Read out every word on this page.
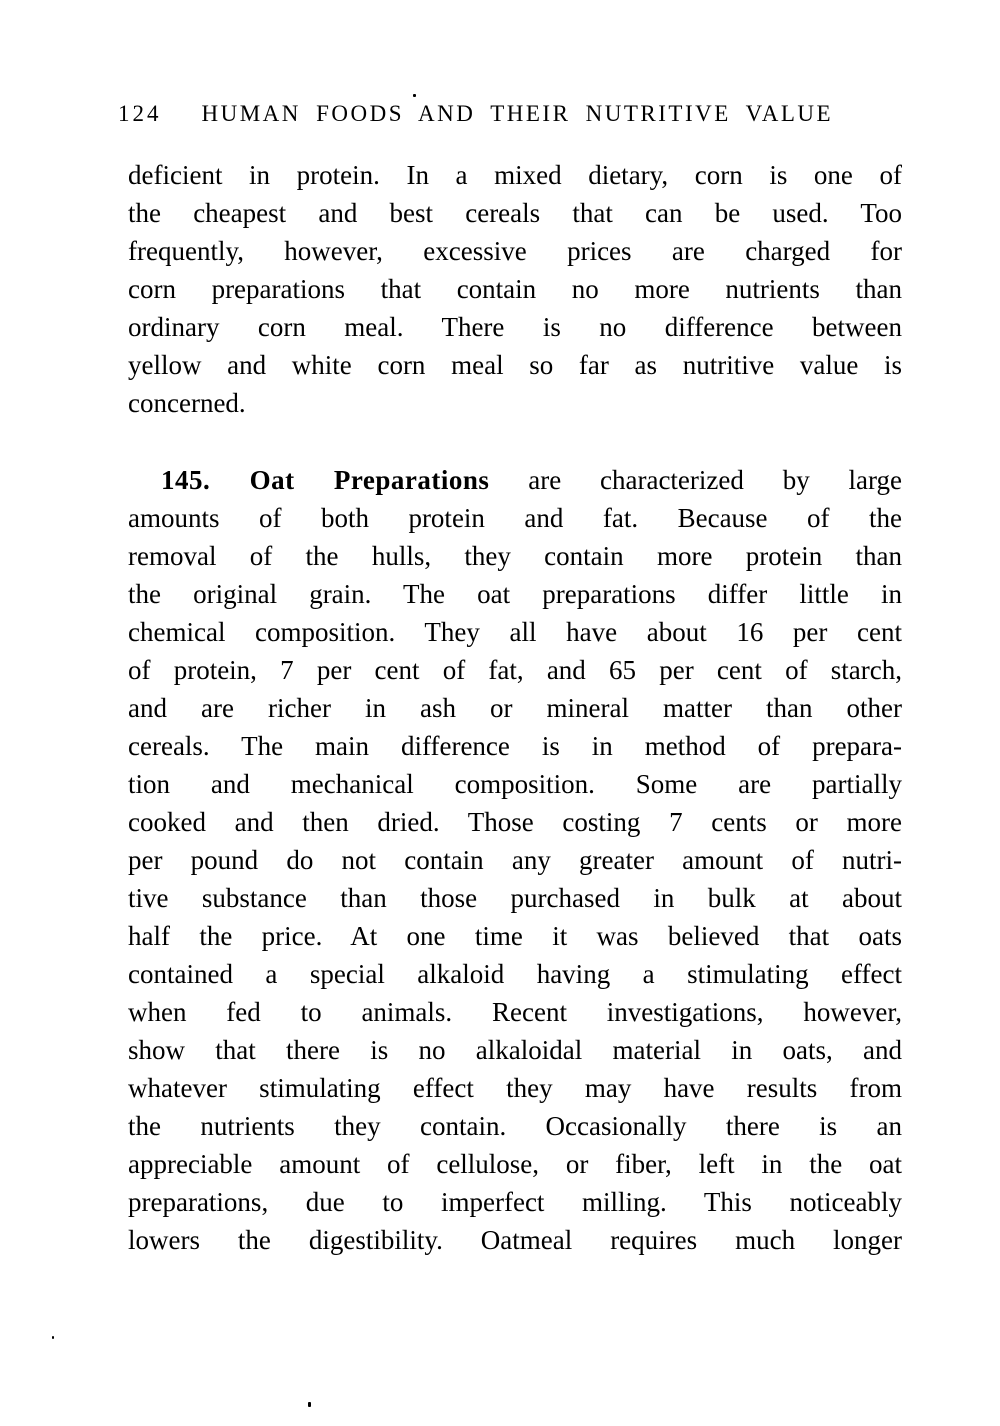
124 HUMAN FOODS AND THEIR NUTRITIVE VALUE
deficient in protein. In a mixed dietary, corn is one of
the cheapest and best cereals that can be used. Too
frequently, however, excessive prices are charged for
corn preparations that contain no more nutrients than
ordinary corn meal. There is no difference between
yellow and white corn meal so far as nutritive value is
concerned.
145. Oat Preparations are characterized by large
amounts of both protein and fat. Because of the
removal of the hulls, they contain more protein than
the original grain. The oat preparations differ little in
chemical composition. They all have about 16 per cent
of protein, 7 per cent of fat, and 65 per cent of starch,
and are richer in ash or mineral matter than other
cereals. The main difference is in method of prepara-
tion and mechanical composition. Some are partially
cooked and then dried. Those costing 7 cents or more
per pound do not contain any greater amount of nutri-
tive substance than those purchased in bulk at about
half the price. At one time it was believed that oats
contained a special alkaloid having a stimulating effect
when fed to animals. Recent investigations, however,
show that there is no alkaloidal material in oats, and
whatever stimulating effect they may have results from
the nutrients they contain. Occasionally there is an
appreciable amount of cellulose, or fiber, left in the oat
preparations, due to imperfect milling. This noticeably
lowers the digestibility. Oatmeal requires much longer
